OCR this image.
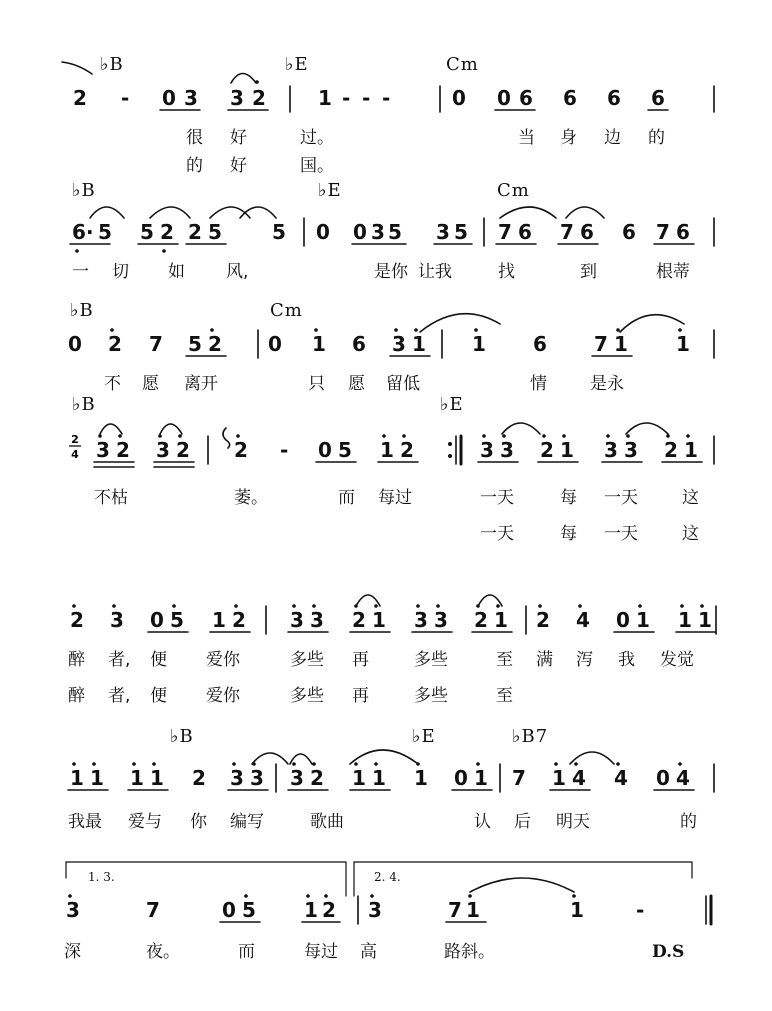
♭B	♭E	Cm
2 - 0 3 3 2	1 - - -	0 0 6 6 6 6
很 好	过。	当 身 边 的
的 好	国。
♭B	♭E	Cm
6 · 5 5 2 2 5	5 0 0 3 5 3 5 7 6 7 6 6 7 6
一 切 如 风,	是你 让我	找	到	根蒂
♭B	Cm
0 2 7 5 2 0 1 6 3 1 1 6 7 1 1
不 愿 离开	只 愿 留低	情	是永
♭B	♭E
2
4 3 2 3 2 2 - 0 5 1 2	3 3 2 1 3 3 2 1
不枯	萎。	而 每过	一天	每 一天	这
一天	每 一天	这
2 3 0 5 1 2 3 3 2 1 3 3 2 1 2 4 0 1 1 1
醉 者, 便 爱你	多些 再	多些	至 满 泻 我 发觉
醉 者, 便 爱你	多些 再	多些	至
♭B	♭E	♭B7
1 1 1 1 2 3 3 3 2 1 1 1 0 1 7 1 4 4 0 4
我最 爱与 你 编写	歌曲	认 后 明天	的
1. 3.	2. 4.
3	7	0 5 1 2 3	7 1	1	-
深	夜。	而	每过 高	路斜。	D.S
